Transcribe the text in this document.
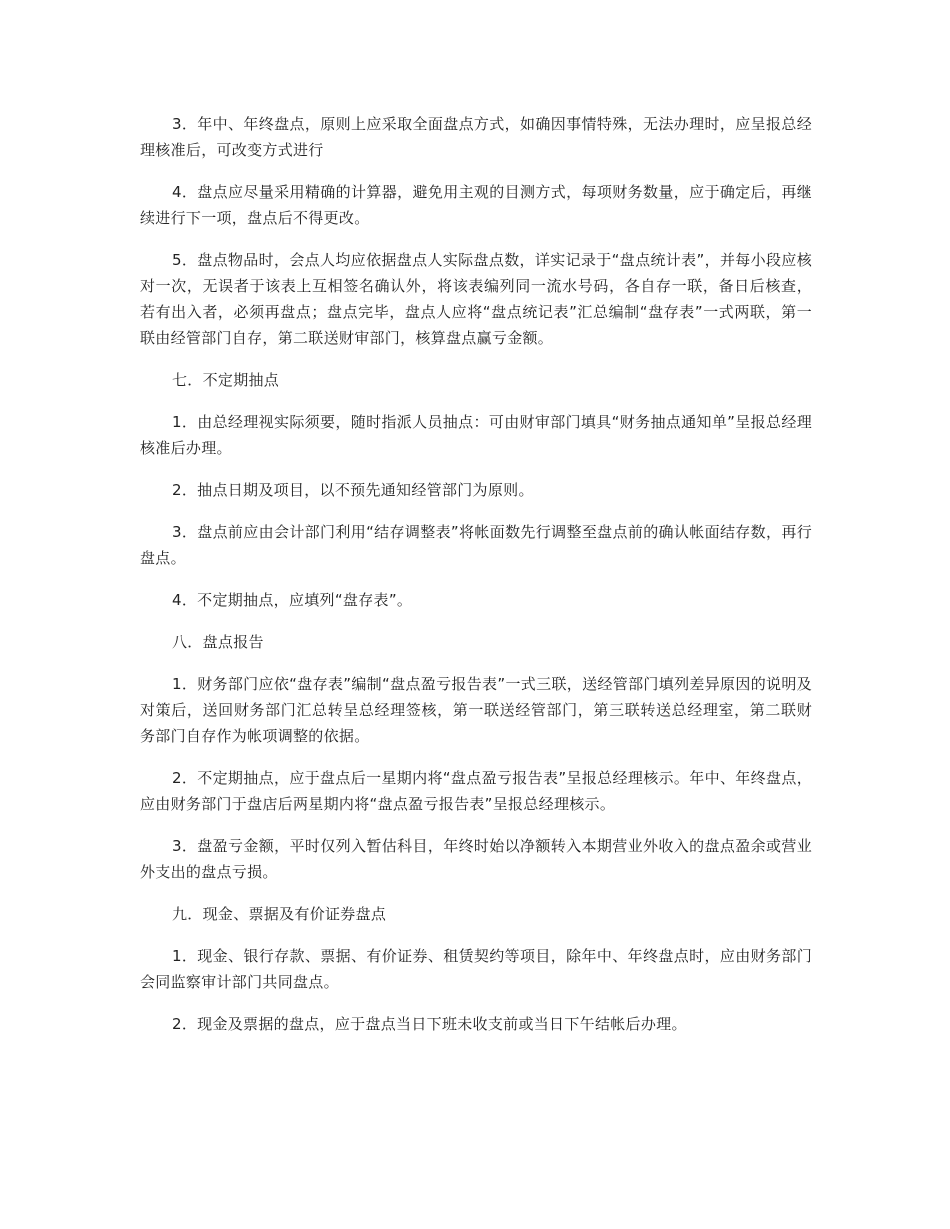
3．年中、年终盘点，原则上应采取全面盘点方式，如确因事情特殊，无法办理时，应呈报总经理核准后，可改变方式进行

4．盘点应尽量采用精确的计算器，避免用主观的目测方式，每项财务数量，应于确定后，再继续进行下一项，盘点后不得更改。

5．盘点物品时，会点人均应依据盘点人实际盘点数，详实记录于“盘点统计表”，并每小段应核对一次，无误者于该表上互相签名确认外，将该表编列同一流水号码，各自存一联，备日后核查，若有出入者，必须再盘点；盘点完毕，盘点人应将“盘点统记表”汇总编制“盘存表”一式两联，第一联由经管部门自存，第二联送财审部门，核算盘点赢亏金额。

七．不定期抽点

1．由总经理视实际须要，随时指派人员抽点：可由财审部门填具“财务抽点通知单”呈报总经理核准后办理。

2．抽点日期及项目，以不预先通知经管部门为原则。

3．盘点前应由会计部门利用“结存调整表”将帐面数先行调整至盘点前的确认帐面结存数，再行盘点。

4．不定期抽点，应填列“盘存表”。

八．盘点报告

1．财务部门应依“盘存表”编制“盘点盈亏报告表”一式三联，送经管部门填列差异原因的说明及对策后，送回财务部门汇总转呈总经理签核，第一联送经管部门，第三联转送总经理室，第二联财务部门自存作为帐项调整的依据。

2．不定期抽点，应于盘点后一星期内将“盘点盈亏报告表”呈报总经理核示。年中、年终盘点，应由财务部门于盘店后两星期内将“盘点盈亏报告表”呈报总经理核示。

3．盘盈亏金额，平时仅列入暂估科目，年终时始以净额转入本期营业外收入的盘点盈余或营业外支出的盘点亏损。

九．现金、票据及有价证券盘点

1．现金、银行存款、票据、有价证券、租赁契约等项目，除年中、年终盘点时，应由财务部门会同监察审计部门共同盘点。

2．现金及票据的盘点，应于盘点当日下班未收支前或当日下午结帐后办理。
